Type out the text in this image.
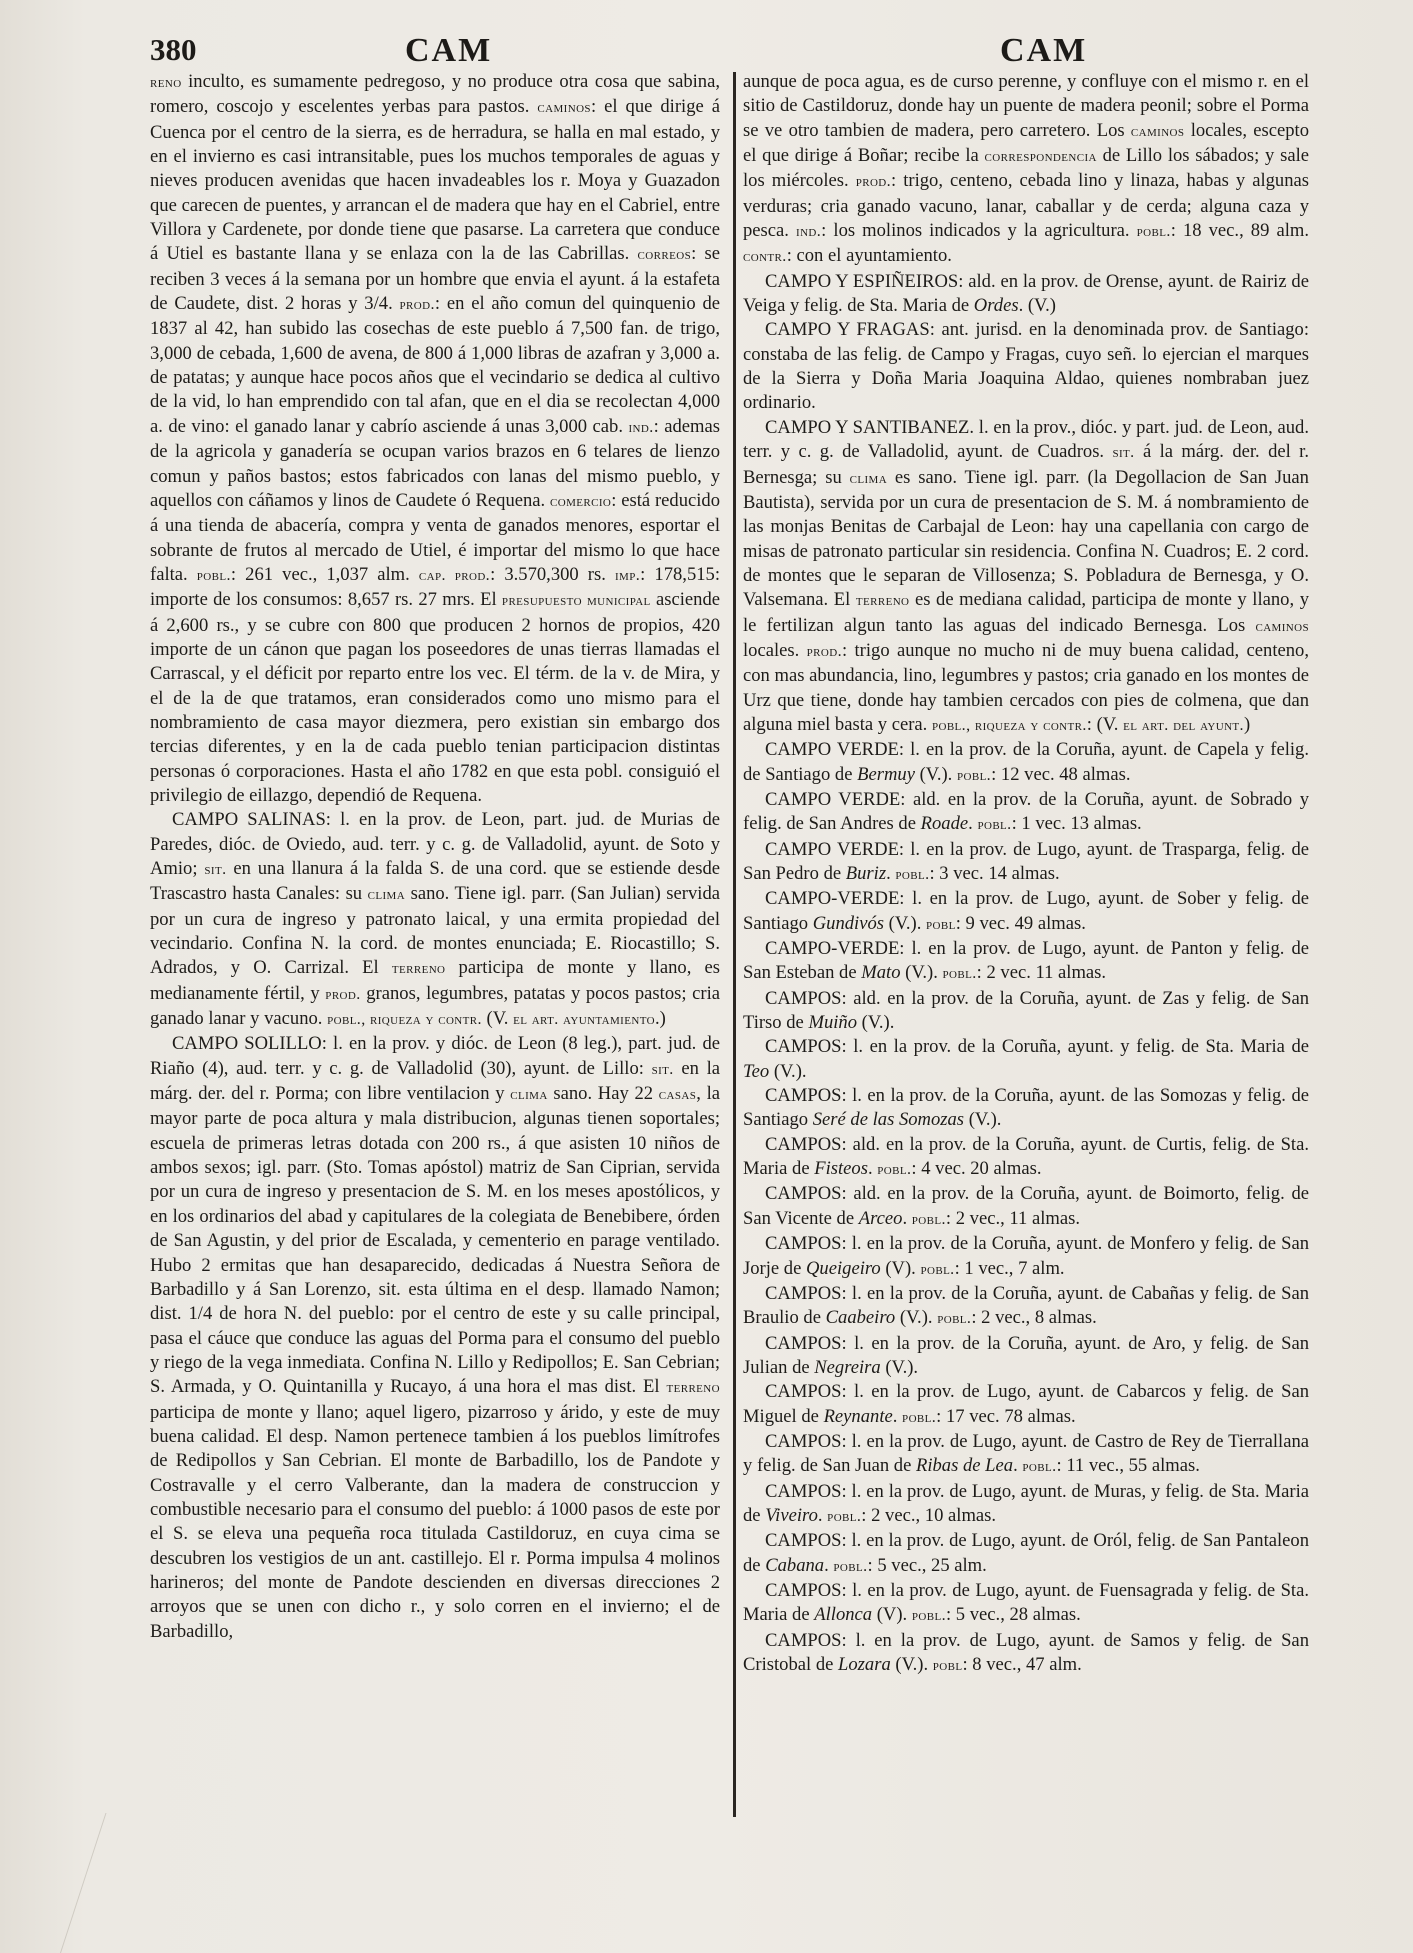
380	CAM	CAM

reno inculto, es sumamente pedregoso, y no produce otra cosa que sabina, romero, coscojo y escelentes yerbas para pastos. caminos: el que dirige á Cuenca por el centro de la sierra, es de herradura, se halla en mal estado, y en el invierno es casi intransitable, pues los muchos temporales de aguas y nieves producen avenidas que hacen invadeables los r. Moya y Guazadon que carecen de puentes, y arrancan el de madera que hay en el Cabriel, entre Villora y Cardenete, por donde tiene que pasarse. La carretera que conduce á Utiel es bastante llana y se enlaza con la de las Cabrillas. correos: se reciben 3 veces á la semana por un hombre que envia el ayunt. á la estafeta de Caudete, dist. 2 horas y 3/4. prod.: en el año comun del quinquenio de 1837 al 42, han subido las cosechas de este pueblo á 7,500 fan. de trigo, 3,000 de cebada, 1,600 de avena, de 800 á 1,000 libras de azafran y 3,000 a. de patatas; y aunque hace pocos años que el vecindario se dedica al cultivo de la vid, lo han emprendido con tal afan, que en el dia se recolectan 4,000 a. de vino: el ganado lanar y cabrío asciende á unas 3,000 cab. ind.: ademas de la agricola y ganadería se ocupan varios brazos en 6 telares de lienzo comun y paños bastos; estos fabricados con lanas del mismo pueblo, y aquellos con cáñamos y linos de Caudete ó Requena. comercio: está reducido á una tienda de abacería, compra y venta de ganados menores, esportar el sobrante de frutos al mercado de Utiel, é importar del mismo lo que hace falta. pobl.: 261 vec., 1,037 alm. cap. prod.: 3.570,300 rs. imp.: 178,515: importe de los consumos: 8,657 rs. 27 mrs. El presupuesto municipal asciende á 2,600 rs., y se cubre con 800 que producen 2 hornos de propios, 420 importe de un cánon que pagan los poseedores de unas tierras llamadas el Carrascal, y el déficit por reparto entre los vec. El térm. de la v. de Mira, y el de la de que tratamos, eran considerados como uno mismo para el nombramiento de casa mayor diezmera, pero existian sin embargo dos tercias diferentes, y en la de cada pueblo tenian participacion distintas personas ó corporaciones. Hasta el año 1782 en que esta pobl. consiguió el privilegio de eillazgo, dependió de Requena.

CAMPO SALINAS: l. en la prov. de Leon, part. jud. de Murias de Paredes, dióc. de Oviedo, aud. terr. y c. g. de Valladolid, ayunt. de Soto y Amio; sit. en una llanura á la falda S. de una cord. que se estiende desde Trascastro hasta Canales: su clima sano. Tiene igl. parr. (San Julian) servida por un cura de ingreso y patronato laical, y una ermita propiedad del vecindario. Confina N. la cord. de montes enunciada; E. Riocastillo; S. Adrados, y O. Carrizal. El terreno participa de monte y llano, es medianamente fértil, y prod. granos, legumbres, patatas y pocos pastos; cria ganado lanar y vacuno. pobl., riqueza y contr. (V. el art. ayuntamiento.)

CAMPO SOLILLO: l. en la prov. y dióc. de Leon (8 leg.), part. jud. de Riaño (4), aud. terr. y c. g. de Valladolid (30), ayunt. de Lillo: sit. en la márg. der. del r. Porma; con libre ventilacion y clima sano. Hay 22 casas, la mayor parte de poca altura y mala distribucion, algunas tienen soportales; escuela de primeras letras dotada con 200 rs., á que asisten 10 niños de ambos sexos; igl. parr. (Sto. Tomas apóstol) matriz de San Ciprian, servida por un cura de ingreso y presentacion de S. M. en los meses apostólicos, y en los ordinarios del abad y capitulares de la colegiata de Benebibere, órden de San Agustin, y del prior de Escalada, y cementerio en parage ventilado. Hubo 2 ermitas que han desaparecido, dedicadas á Nuestra Señora de Barbadillo y á San Lorenzo, sit. esta última en el desp. llamado Namon; dist. 1/4 de hora N. del pueblo: por el centro de este y su calle principal, pasa el cáuce que conduce las aguas del Porma para el consumo del pueblo y riego de la vega inmediata. Confina N. Lillo y Redipollos; E. San Cebrian; S. Armada, y O. Quintanilla y Rucayo, á una hora el mas dist. El terreno participa de monte y llano; aquel ligero, pizarroso y árido, y este de muy buena calidad. El desp. Namon pertenece tambien á los pueblos limítrofes de Redipollos y San Cebrian. El monte de Barbadillo, los de Pandote y Costravalle y el cerro Valberante, dan la madera de construccion y combustible necesario para el consumo del pueblo: á 1000 pasos de este por el S. se eleva una pequeña roca titulada Castildoruz, en cuya cima se descubren los vestigios de un ant. castillejo. El r. Porma impulsa 4 molinos harineros; del monte de Pandote descienden en diversas direcciones 2 arroyos que se unen con dicho r., y solo corren en el invierno; el de Barbadillo,

aunque de poca agua, es de curso perenne, y confluye con el mismo r. en el sitio de Castildoruz, donde hay un puente de madera peonil; sobre el Porma se ve otro tambien de madera, pero carretero. Los caminos locales, escepto el que dirige á Boñar; recibe la correspondencia de Lillo los sábados; y sale los miércoles. prod.: trigo, centeno, cebada lino y linaza, habas y algunas verduras; cria ganado vacuno, lanar, caballar y de cerda; alguna caza y pesca. ind.: los molinos indicados y la agricultura. pobl.: 18 vec., 89 alm. contr.: con el ayuntamiento.

CAMPO Y ESPIÑEIROS: ald. en la prov. de Orense, ayunt. de Rairiz de Veiga y felig. de Sta. Maria de Ordes. (V.)

CAMPO Y FRAGAS: ant. jurisd. en la denominada prov. de Santiago: constaba de las felig. de Campo y Fragas, cuyo señ. lo ejercian el marques de la Sierra y Doña Maria Joaquina Aldao, quienes nombraban juez ordinario.

CAMPO Y SANTIBANEZ. l. en la prov., dióc. y part. jud. de Leon, aud. terr. y c. g. de Valladolid, ayunt. de Cuadros. sit. á la márg. der. del r. Bernesga; su clima es sano. Tiene igl. parr. (la Degollacion de San Juan Bautista), servida por un cura de presentacion de S. M. á nombramiento de las monjas Benitas de Carbajal de Leon: hay una capellania con cargo de misas de patronato particular sin residencia. Confina N. Cuadros; E. 2 cord. de montes que le separan de Villosenza; S. Pobladura de Bernesga, y O. Valsemana. El terreno es de mediana calidad, participa de monte y llano, y le fertilizan algun tanto las aguas del indicado Bernesga. Los caminos locales. prod.: trigo aunque no mucho ni de muy buena calidad, centeno, con mas abundancia, lino, legumbres y pastos; cria ganado en los montes de Urz que tiene, donde hay tambien cercados con pies de colmena, que dan alguna miel basta y cera. pobl., riqueza y contr.: (V. el art. del ayunt.)

CAMPO VERDE: l. en la prov. de la Coruña, ayunt. de Capela y felig. de Santiago de Bermuy (V.). pobl.: 12 vec. 48 almas.

CAMPO VERDE: ald. en la prov. de la Coruña, ayunt. de Sobrado y felig. de San Andres de Roade. pobl.: 1 vec. 13 almas.

CAMPO VERDE: l. en la prov. de Lugo, ayunt. de Trasparga, felig. de San Pedro de Buriz. pobl.: 3 vec. 14 almas.

CAMPO-VERDE: l. en la prov. de Lugo, ayunt. de Sober y felig. de Santiago Gundivós (V.). pobl: 9 vec. 49 almas.

CAMPO-VERDE: l. en la prov. de Lugo, ayunt. de Panton y felig. de San Esteban de Mato (V.). pobl.: 2 vec. 11 almas.

CAMPOS: ald. en la prov. de la Coruña, ayunt. de Zas y felig. de San Tirso de Muiño (V.).

CAMPOS: l. en la prov. de la Coruña, ayunt. y felig. de Sta. Maria de Teo (V.).

CAMPOS: l. en la prov. de la Coruña, ayunt. de las Somozas y felig. de Santiago Seré de las Somozas (V.).

CAMPOS: ald. en la prov. de la Coruña, ayunt. de Curtis, felig. de Sta. Maria de Fisteos. pobl.: 4 vec. 20 almas.

CAMPOS: ald. en la prov. de la Coruña, ayunt. de Boimorto, felig. de San Vicente de Arceo. pobl.: 2 vec., 11 almas.

CAMPOS: l. en la prov. de la Coruña, ayunt. de Monfero y felig. de San Jorje de Queigeiro (V). pobl.: 1 vec., 7 alm.

CAMPOS: l. en la prov. de la Coruña, ayunt. de Cabañas y felig. de San Braulio de Caabeiro (V.). pobl.: 2 vec., 8 almas.

CAMPOS: l. en la prov. de la Coruña, ayunt. de Aro, y felig. de San Julian de Negreira (V.).

CAMPOS: l. en la prov. de Lugo, ayunt. de Cabarcos y felig. de San Miguel de Reynante. pobl.: 17 vec. 78 almas.

CAMPOS: l. en la prov. de Lugo, ayunt. de Castro de Rey de Tierrallana y felig. de San Juan de Ribas de Lea. pobl.: 11 vec., 55 almas.

CAMPOS: l. en la prov. de Lugo, ayunt. de Muras, y felig. de Sta. Maria de Viveiro. pobl.: 2 vec., 10 almas.

CAMPOS: l. en la prov. de Lugo, ayunt. de Oról, felig. de San Pantaleon de Cabana. pobl.: 5 vec., 25 alm.

CAMPOS: l. en la prov. de Lugo, ayunt. de Fuensagrada y felig. de Sta. Maria de Allonca (V). pobl.: 5 vec., 28 almas.

CAMPOS: l. en la prov. de Lugo, ayunt. de Samos y felig. de San Cristobal de Lozara (V.). pobl: 8 vec., 47 alm.
